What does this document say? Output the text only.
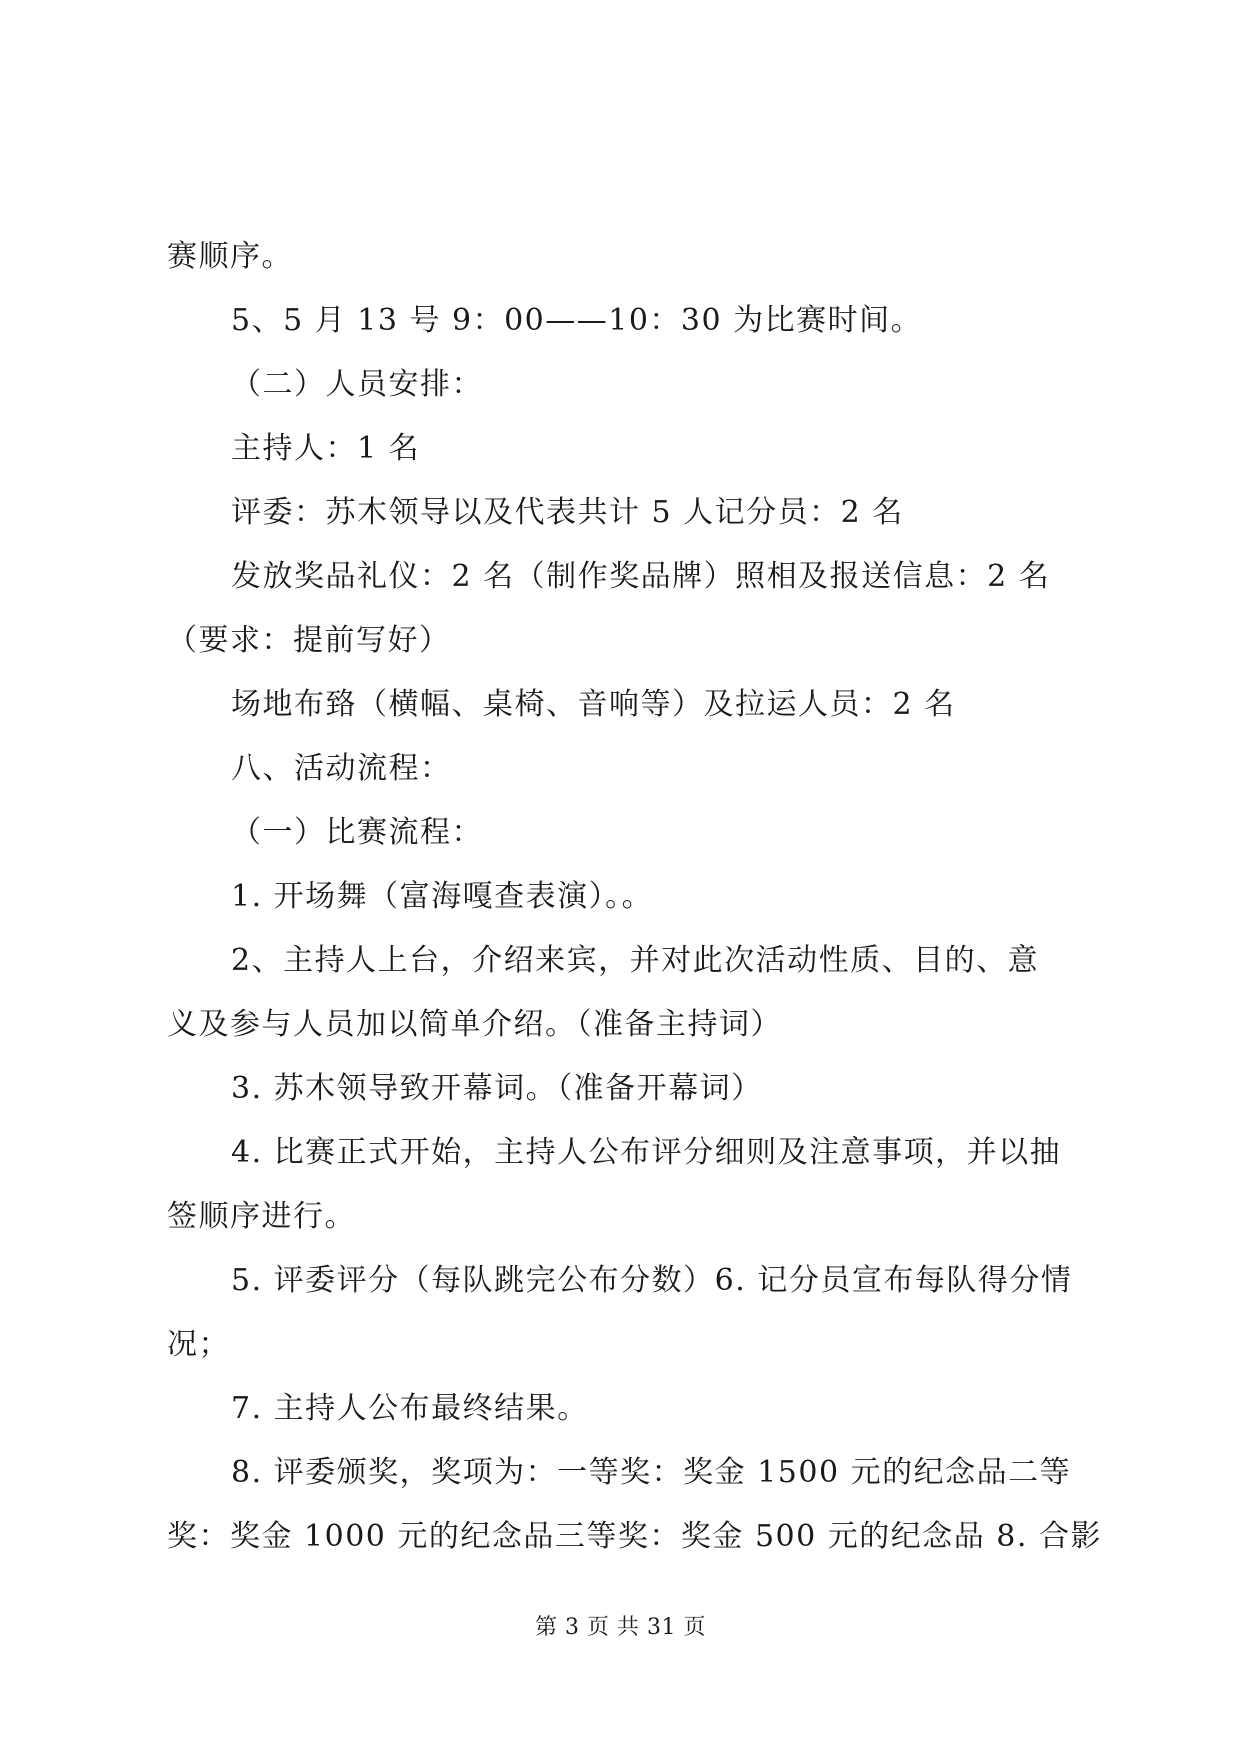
赛顺序。
5、5 月 13 号 9：00——10：30 为比赛时间。
（二）人员安排：
主持人：1 名
评委：苏木领导以及代表共计 5 人记分员：2 名
发放奖品礼仪：2 名（制作奖品牌）照相及报送信息：2 名
（要求：提前写好）
场地布臵（横幅、桌椅、音响等）及拉运人员：2 名
八、活动流程：
（一）比赛流程：
1. 开场舞（富海嘎查表演）。。
2、主持人上台，介绍来宾，并对此次活动性质、目的、意
义及参与人员加以简单介绍。（准备主持词）
3. 苏木领导致开幕词。（准备开幕词）
4. 比赛正式开始，主持人公布评分细则及注意事项，并以抽
签顺序进行。
5. 评委评分（每队跳完公布分数）6. 记分员宣布每队得分情
况；
7. 主持人公布最终结果。
8. 评委颁奖，奖项为：一等奖：奖金 1500 元的纪念品二等
奖：奖金 1000 元的纪念品三等奖：奖金 500 元的纪念品 8. 合影
第 3 页 共 31 页
